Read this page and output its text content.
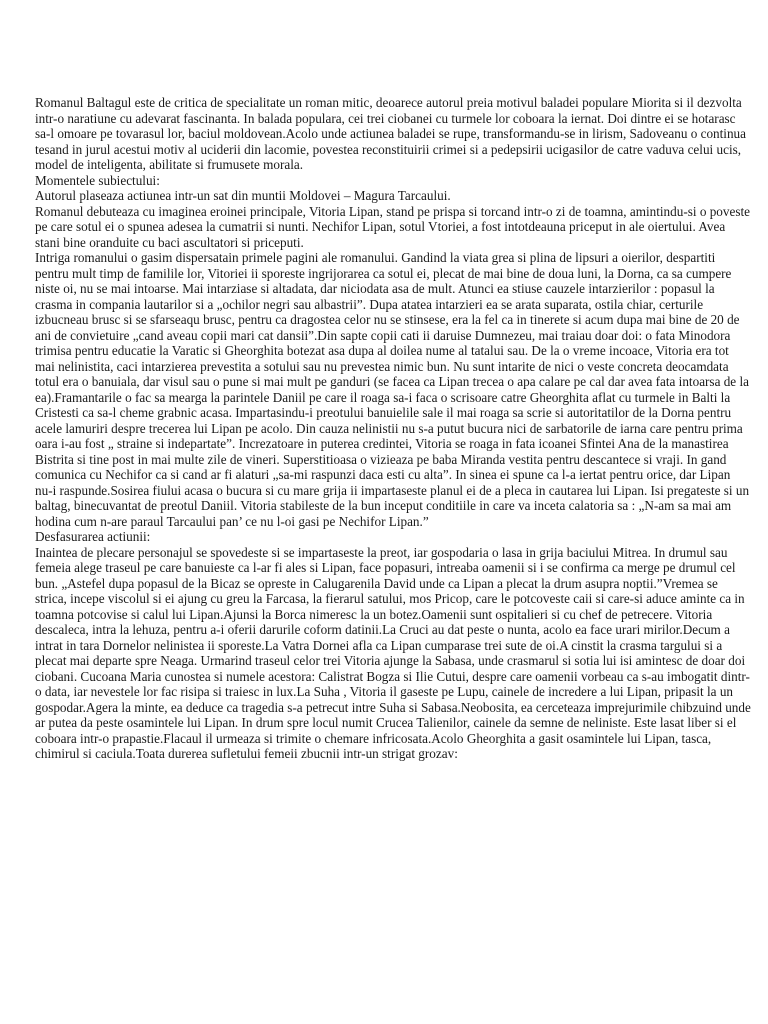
Romanul Baltagul este de critica de specialitate un roman mitic, deoarece autorul preia motivul baladei populare Miorita si il dezvolta intr-o naratiune cu adevarat fascinanta. In balada populara, cei trei ciobanei cu turmele lor coboara la iernat. Doi dintre ei se hotarasc sa-l omoare pe tovarasul lor, baciul moldovean.Acolo unde actiunea baladei se rupe, transformandu-se in lirism, Sadoveanu o continua tesand in jurul acestui motiv al uciderii din lacomie, povestea reconstituirii crimei si a pedepsirii ucigasilor de catre vaduva celui ucis, model de inteligenta, abilitate si frumusete morala.

Momentele subiectului:

Autorul plaseaza actiunea intr-un sat din muntii Moldovei – Magura Tarcaului.

Romanul debuteaza cu imaginea eroinei principale, Vitoria Lipan, stand pe prispa si torcand intr-o zi de toamna, amintindu-si o poveste pe care sotul ei o spunea adesea la cumatrii si nunti. Nechifor Lipan, sotul Vtoriei, a fost intotdeauna priceput in ale oiertului. Avea stani bine oranduite cu baci ascultatori si priceputi.

Intriga romanului o gasim dispersatain primele pagini ale romanului. Gandind la viata grea si plina de lipsuri a oierilor, despartiti pentru mult timp de familile lor, Vitoriei ii sporeste ingrijorarea ca sotul ei, plecat de mai bine de doua luni, la Dorna, ca sa cumpere niste oi, nu se mai intoarse. Mai intarziase si altadata, dar niciodata asa de mult. Atunci ea stiuse cauzele intarzierilor : popasul la crasma in compania lautarilor si a „ochilor negri sau albastrii”. Dupa atatea intarzieri ea se arata suparata, ostila chiar, certurile izbucneau brusc si se sfarseaqu brusc, pentru ca dragostea celor nu se stinsese, era la fel ca in tinerete si acum dupa mai bine de 20 de ani de convietuire „cand aveau copii mari cat dansii”.Din sapte copii cati ii daruise Dumnezeu, mai traiau doar doi: o fata Minodora trimisa pentru educatie la Varatic si Gheorghita botezat asa dupa al doilea nume al tatalui sau. De la o vreme incoace, Vitoria era tot mai nelinistita, caci intarzierea prevestita a sotului sau nu prevestea nimic bun. Nu sunt intarite de nici o veste concreta deocamdata totul era o banuiala, dar visul sau o pune si mai mult pe ganduri (se facea ca Lipan trecea o apa calare pe cal dar avea fata intoarsa de la ea).Framantarile o fac sa mearga la parintele Daniil pe care il roaga sa-i faca o scrisoare catre Gheorghita aflat cu turmele in Balti la Cristesti ca sa-l cheme grabnic acasa. Impartasindu-i preotului banuielile sale il mai roaga sa scrie si autoritatilor de la Dorna pentru acele lamuriri despre trecerea lui Lipan pe acolo. Din cauza nelinistii nu s-a putut bucura nici de sarbatorile de iarna care pentru prima oara i-au fost „ straine si indepartate”. Increzatoare in puterea credintei, Vitoria se roaga in fata icoanei Sfintei Ana de la manastirea Bistrita si tine post in mai multe zile de vineri. Superstitioasa o vizieaza pe baba Miranda vestita pentru descantece si vraji. In gand comunica cu Nechifor ca si cand ar fi alaturi „sa-mi raspunzi daca esti cu alta”. In sinea ei spune ca l-a iertat pentru orice, dar Lipan nu-i raspunde.Sosirea fiului acasa o bucura si cu mare grija ii impartaseste planul ei de a pleca in cautarea lui Lipan. Isi pregateste si un baltag, binecuvantat de preotul Daniil. Vitoria stabileste de la bun inceput conditiile in care va inceta calatoria sa : „N-am sa mai am hodina cum n-are paraul Tarcaului pan’ ce nu l-oi gasi pe Nechifor Lipan.”

Desfasurarea actiunii:

Inaintea de plecare personajul se spovedeste si se impartaseste la preot, iar gospodaria o lasa in grija baciului Mitrea. In drumul sau femeia alege traseul pe care banuieste ca l-ar fi ales si Lipan, face popasuri, intreaba oamenii si i se confirma ca merge pe drumul cel bun. „Astefel dupa popasul de la Bicaz se opreste in Calugarenila David unde ca Lipan a plecat la drum asupra noptii.”Vremea se strica, incepe viscolul si ei ajung cu greu la Farcasa, la fierarul satului, mos Pricop, care le potcoveste caii si care-si aduce aminte ca in toamna potcovise si calul lui Lipan.Ajunsi la Borca nimeresc la un botez.Oamenii sunt ospitalieri si cu chef de petrecere. Vitoria descaleca, intra la lehuza, pentru a-i oferii darurile coform datinii.La Cruci au dat peste o nunta, acolo ea face urari mirilor.Decum a intrat in tara Dornelor nelinistea ii sporeste.La Vatra Dornei afla ca Lipan cumparase trei sute de oi.A cinstit la crasma targului si a plecat mai departe spre Neaga. Urmarind traseul celor trei Vitoria ajunge la Sabasa, unde crasmarul si sotia lui isi amintesc de doar doi ciobani. Cucoana Maria cunostea si numele acestora: Calistrat Bogza si Ilie Cutui, despre care oamenii vorbeau ca s-au imbogatit dintr-o data, iar nevestele lor fac risipa si traiesc in lux.La Suha , Vitoria il gaseste pe Lupu, cainele de incredere a lui Lipan, pripasit la un gospodar.Agera la minte, ea deduce ca tragedia s-a petrecut intre Suha si Sabasa.Neobosita, ea cerceteaza imprejurimile chibzuind unde ar putea da peste osamintele lui Lipan. In drum spre locul numit Crucea Talienilor, cainele da semne de neliniste. Este lasat liber si el coboara intr-o prapastie.Flacaul il urmeaza si trimite o chemare infricosata.Acolo Gheorghita a gasit osamintele lui Lipan, tasca, chimirul si caciula.Toata durerea sufletului femeii zbucnii intr-un strigat grozav:
